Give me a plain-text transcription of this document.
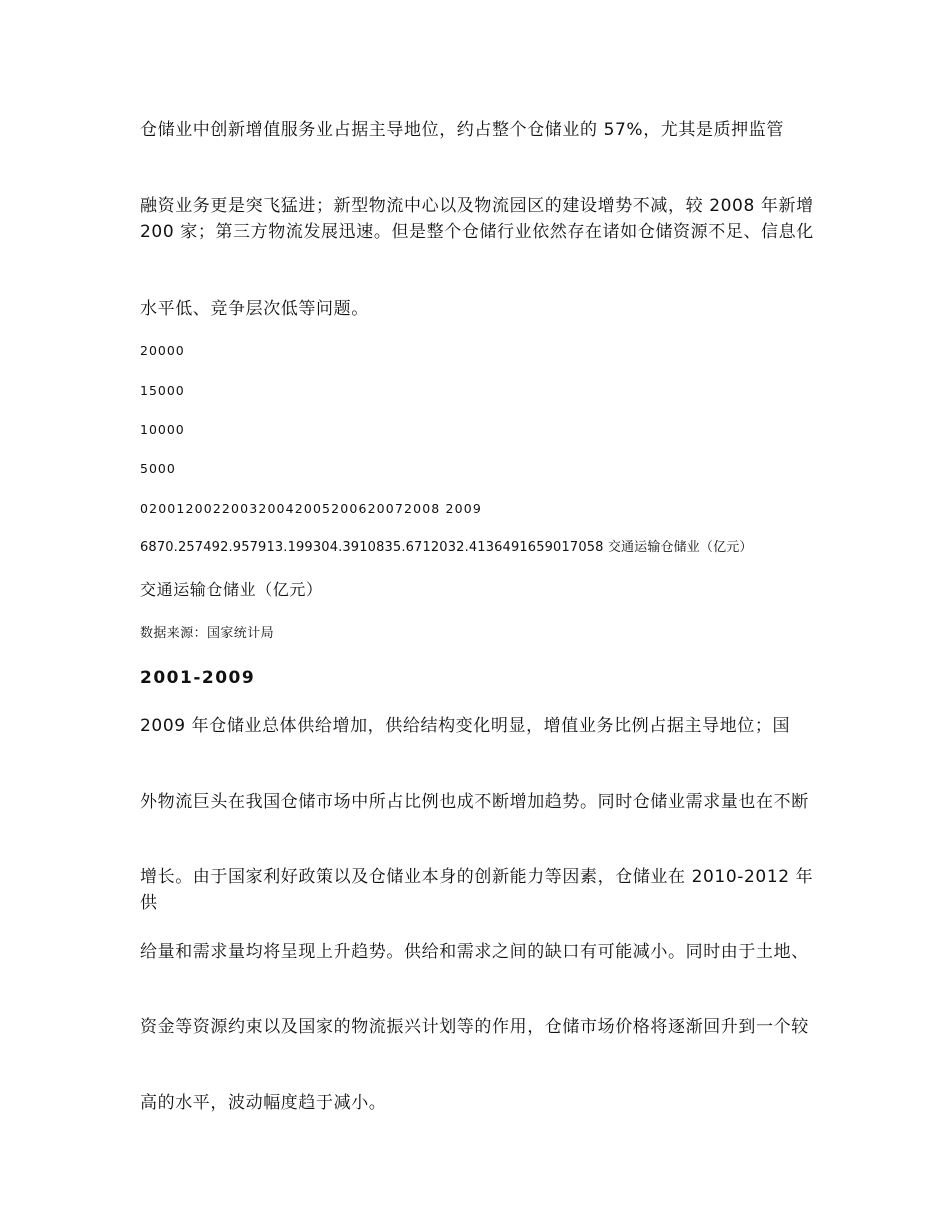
仓储业中创新增值服务业占据主导地位，约占整个仓储业的 57%，尤其是质押监管

融资业务更是突飞猛进；新型物流中心以及物流园区的建设增势不减，较 2008 年新增 200 家；第三方物流发展迅速。但是整个仓储行业依然存在诸如仓储资源不足、信息化

水平低、竞争层次低等问题。

20000

15000

10000

5000

020012002200320042005200620072008 2009

6870.257492.957913.199304.3910835.6712032.4136491659017058 交通运输仓储业（亿元）

交通运输仓储业（亿元）

数据来源：国家统计局

2001-2009

2009 年仓储业总体供给增加，供给结构变化明显，增值业务比例占据主导地位；国

外物流巨头在我国仓储市场中所占比例也成不断增加趋势。同时仓储业需求量也在不断

增长。由于国家利好政策以及仓储业本身的创新能力等因素，仓储业在 2010-2012 年供

给量和需求量均将呈现上升趋势。供给和需求之间的缺口有可能减小。同时由于土地、

资金等资源约束以及国家的物流振兴计划等的作用，仓储市场价格将逐渐回升到一个较

高的水平，波动幅度趋于减小。
